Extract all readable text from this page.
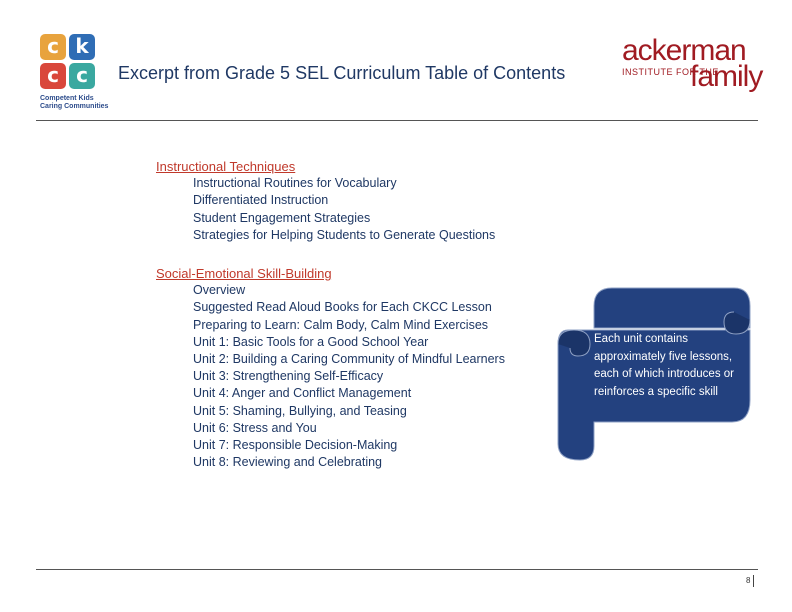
c k
c c
Competent Kids
Caring Communities
Excerpt from Grade 5 SEL Curriculum Table of Contents
ackerman
INSTITUTE FOR THE
family
Instructional Techniques
Instructional Routines for Vocabulary
Differentiated Instruction
Student Engagement Strategies
Strategies for Helping Students to Generate Questions
Social-Emotional Skill-Building
Overview
Suggested Read Aloud Books for Each CKCC Lesson
Preparing to Learn: Calm Body, Calm Mind Exercises
Unit 1: Basic Tools for a Good School Year
Unit 2: Building a Caring Community of Mindful Learners
Unit 3: Strengthening Self-Efficacy
Unit 4: Anger and Conflict Management
Unit 5: Shaming, Bullying, and Teasing
Unit 6: Stress and You
Unit 7: Responsible Decision-Making
Unit 8: Reviewing and Celebrating
Each unit contains approximately five lessons, each of which introduces or reinforces a specific skill
8
